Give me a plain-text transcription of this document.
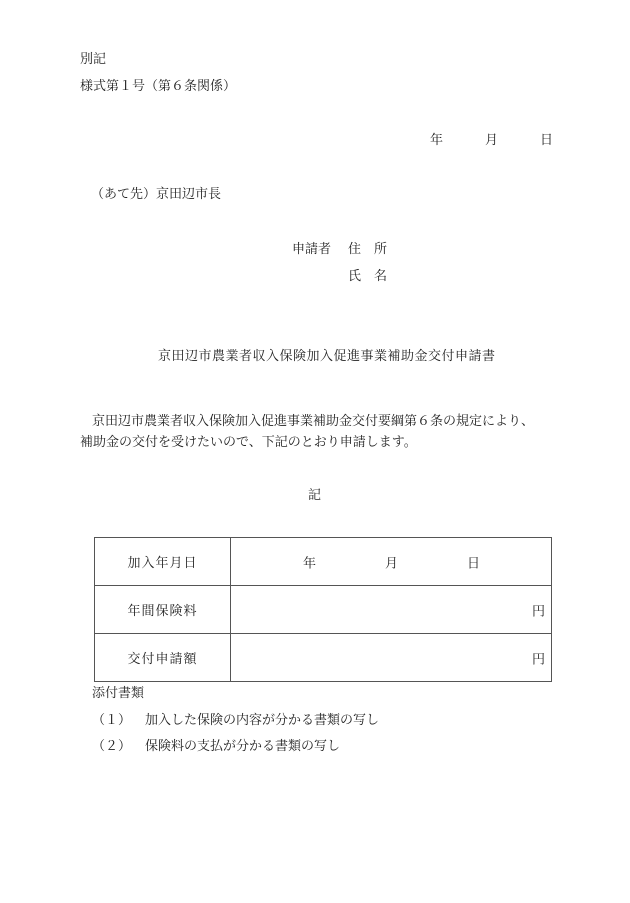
別記
様式第１号（第６条関係）
年	月	日
（あて先）京田辺市長
申請者 住　所
氏　名
京田辺市農業者収入保険加入促進事業補助金交付申請書
京田辺市農業者収入保険加入促進事業補助金交付要綱第６条の規定により、
補助金の交付を受けたいので、下記のとおり申請します。
記
加入年月日	年 月 日

年間保険料	円

交付申請額	円
添付書類
（１） 加入した保険の内容が分かる書類の写し
（２） 保険料の支払が分かる書類の写し
